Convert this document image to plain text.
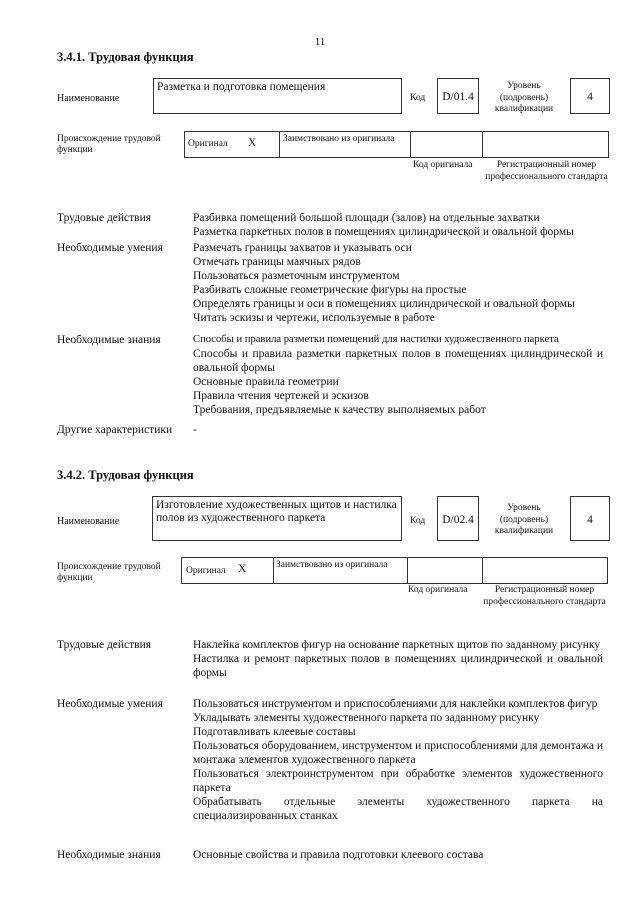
11
3.4.1. Трудовая функция
Наименование
Разметка и подготовка помещения
Код	D/01.4
Уровень (подровень) квалификации
4
Происхождение трудовой функции
Оригинал X	Заимствовано из оригинала
Код оригинала	Регистрационный номер профессионального стандарта
Трудовые действия	Разбивка помещений большой площади (залов) на отдельные захватки
Разметка паркетных полов в помещениях цилиндрической и овальной формы
Необходимые умения	Размечать границы захватов и указывать оси
Отмечать границы маячных рядов
Пользоваться разметочным инструментом
Разбивать сложные геометрические фигуры на простые
Определять границы и оси в помещениях цилиндрической и овальной формы
Читать эскизы и чертежи, используемые в работе
Необходимые знания	Способы и правила разметки помещений для настилки художественного паркета
Способы и правила разметки паркетных полов в помещениях цилиндрической и овальной формы
Основные правила геометрии
Правила чтения чертежей и эскизов
Требования, предъявляемые к качеству выполняемых работ
Другие характеристики	-
3.4.2. Трудовая функция
Наименование
Изготовление художественных щитов и настилка полов из художественного паркета	Код	D/02.4
Уровень (подровень) квалификации
4
Происхождение трудовой функции
Оригинал X	Заимствовано из оригинала
Код оригинала	Регистрационный номер профессионального стандарта
Трудовые действия	Наклейка комплектов фигур на основание паркетных щитов по заданному рисунку
Настилка и ремонт паркетных полов в помещениях цилиндрической и овальной формы
Необходимые умения	Пользоваться инструментом и приспособлениями для наклейки комплектов фигур
Укладывать элементы художественного паркета по заданному рисунку
Подготавливать клеевые составы
Пользоваться оборудованием, инструментом и приспособлениями для демонтажа и монтажа элементов художественного паркета
Пользоваться электроинструментом при обработке элементов художественного паркета
Обрабатывать отдельные элементы художественного паркета на специализированных станках
Необходимые знания	Основные свойства и правила подготовки клеевого состава
